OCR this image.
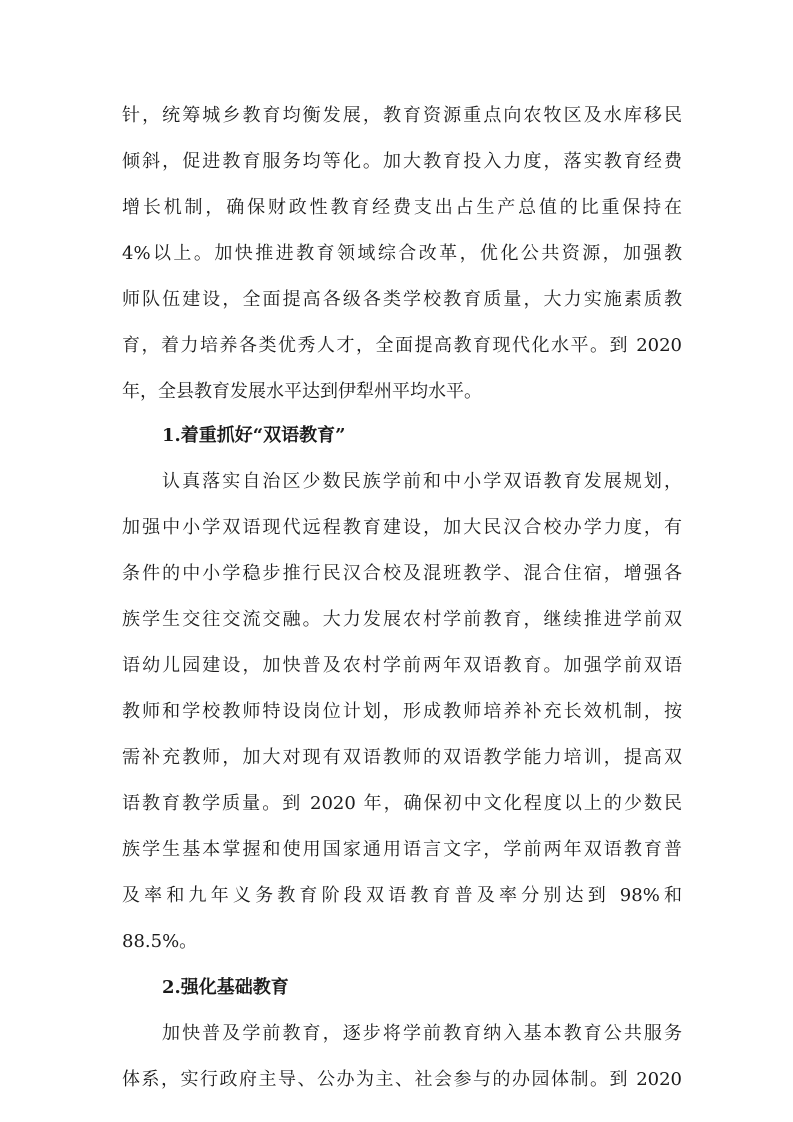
针，统筹城乡教育均衡发展，教育资源重点向农牧区及水库移民
倾斜，促进教育服务均等化。加大教育投入力度，落实教育经费
增长机制，确保财政性教育经费支出占生产总值的比重保持在
4%以上。加快推进教育领域综合改革，优化公共资源，加强教
师队伍建设，全面提高各级各类学校教育质量，大力实施素质教
育，着力培养各类优秀人才，全面提高教育现代化水平。到 2020
年，全县教育发展水平达到伊犁州平均水平。
1.着重抓好“双语教育”
认真落实自治区少数民族学前和中小学双语教育发展规划，
加强中小学双语现代远程教育建设，加大民汉合校办学力度，有
条件的中小学稳步推行民汉合校及混班教学、混合住宿，增强各
族学生交往交流交融。大力发展农村学前教育，继续推进学前双
语幼儿园建设，加快普及农村学前两年双语教育。加强学前双语
教师和学校教师特设岗位计划，形成教师培养补充长效机制，按
需补充教师，加大对现有双语教师的双语教学能力培训，提高双
语教育教学质量。到 2020 年，确保初中文化程度以上的少数民
族学生基本掌握和使用国家通用语言文字，学前两年双语教育普
及率和九年义务教育阶段双语教育普及率分别达到 98%和
88.5%。
2.强化基础教育
加快普及学前教育，逐步将学前教育纳入基本教育公共服务
体系，实行政府主导、公办为主、社会参与的办园体制。到 2020
